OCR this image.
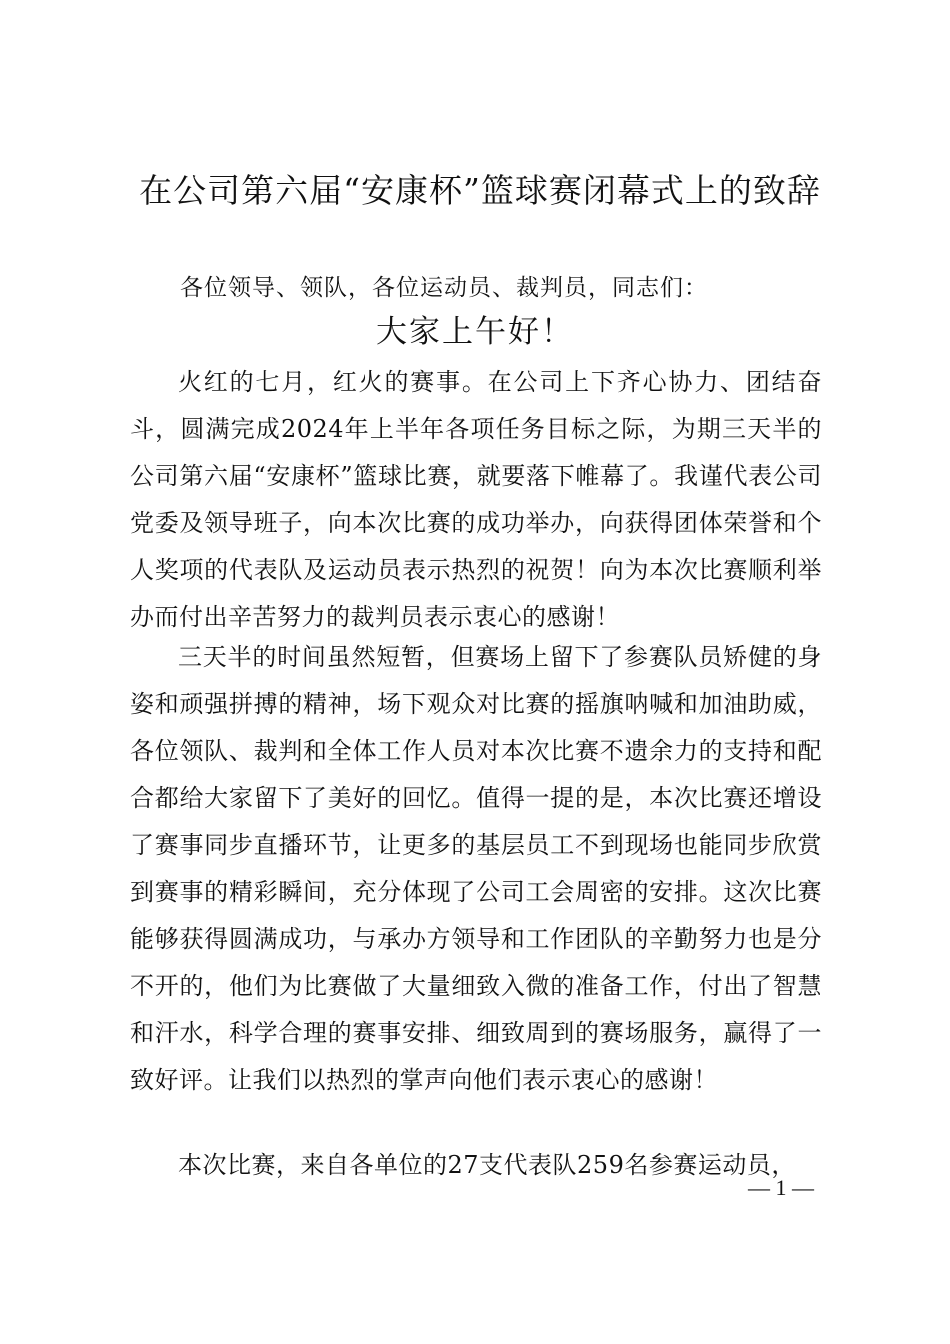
在公司第六届“安康杯”篮球赛闭幕式上的致辞
各位领导、领队，各位运动员、裁判员，同志们：
大家上午好！
火红的七月，红火的赛事。在公司上下齐心协力、团结奋斗，圆满完成2024年上半年各项任务目标之际，为期三天半的公司第六届“安康杯”篮球比赛，就要落下帷幕了。我谨代表公司党委及领导班子，向本次比赛的成功举办，向获得团体荣誉和个人奖项的代表队及运动员表示热烈的祝贺！向为本次比赛顺利举办而付出辛苦努力的裁判员表示衷心的感谢！
三天半的时间虽然短暂，但赛场上留下了参赛队员矫健的身姿和顽强拼搏的精神，场下观众对比赛的摇旗呐喊和加油助威，各位领队、裁判和全体工作人员对本次比赛不遗余力的支持和配合都给大家留下了美好的回忆。值得一提的是，本次比赛还增设了赛事同步直播环节，让更多的基层员工不到现场也能同步欣赏到赛事的精彩瞬间，充分体现了公司工会周密的安排。这次比赛能够获得圆满成功，与承办方领导和工作团队的辛勤努力也是分不开的，他们为比赛做了大量细致入微的准备工作，付出了智慧和汗水，科学合理的赛事安排、细致周到的赛场服务，赢得了一致好评。让我们以热烈的掌声向他们表示衷心的感谢！
本次比赛，来自各单位的27支代表队259名参赛运动员，
— 1 —
